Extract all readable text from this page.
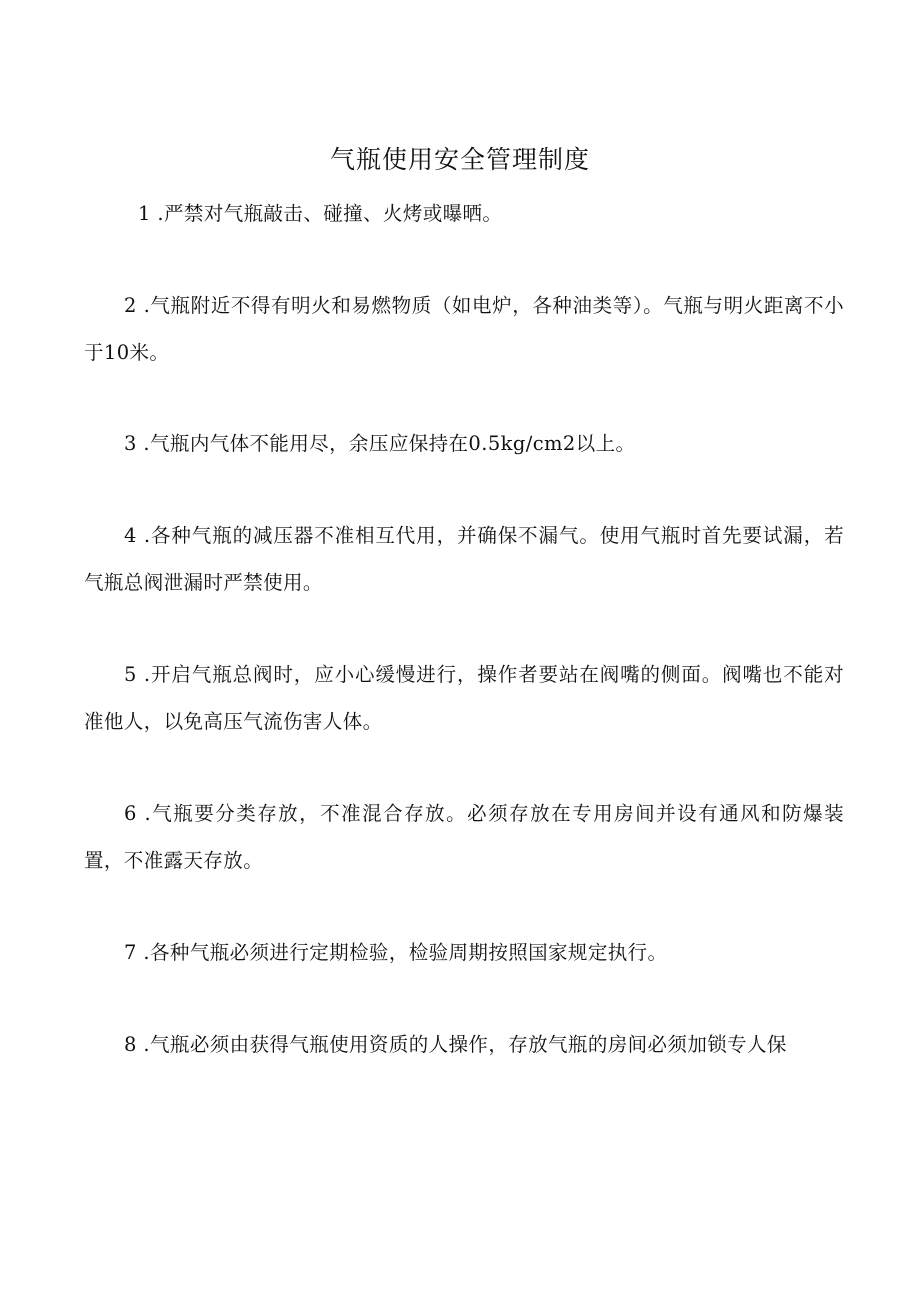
气瓶使用安全管理制度

1 .严禁对气瓶敲击、碰撞、火烤或曝晒。

2 .气瓶附近不得有明火和易燃物质（如电炉，各种油类等）。气瓶与明火距离不小于10米。

3 .气瓶内气体不能用尽，余压应保持在0.5kg∕cm2以上。

4 .各种气瓶的减压器不准相互代用，并确保不漏气。使用气瓶时首先要试漏，若气瓶总阀泄漏时严禁使用。

5 .开启气瓶总阀时，应小心缓慢进行，操作者要站在阀嘴的侧面。阀嘴也不能对准他人，以免高压气流伤害人体。

6 .气瓶要分类存放，不准混合存放。必须存放在专用房间并设有通风和防爆装置，不准露天存放。

7 .各种气瓶必须进行定期检验，检验周期按照国家规定执行。

8 .气瓶必须由获得气瓶使用资质的人操作，存放气瓶的房间必须加锁专人保
